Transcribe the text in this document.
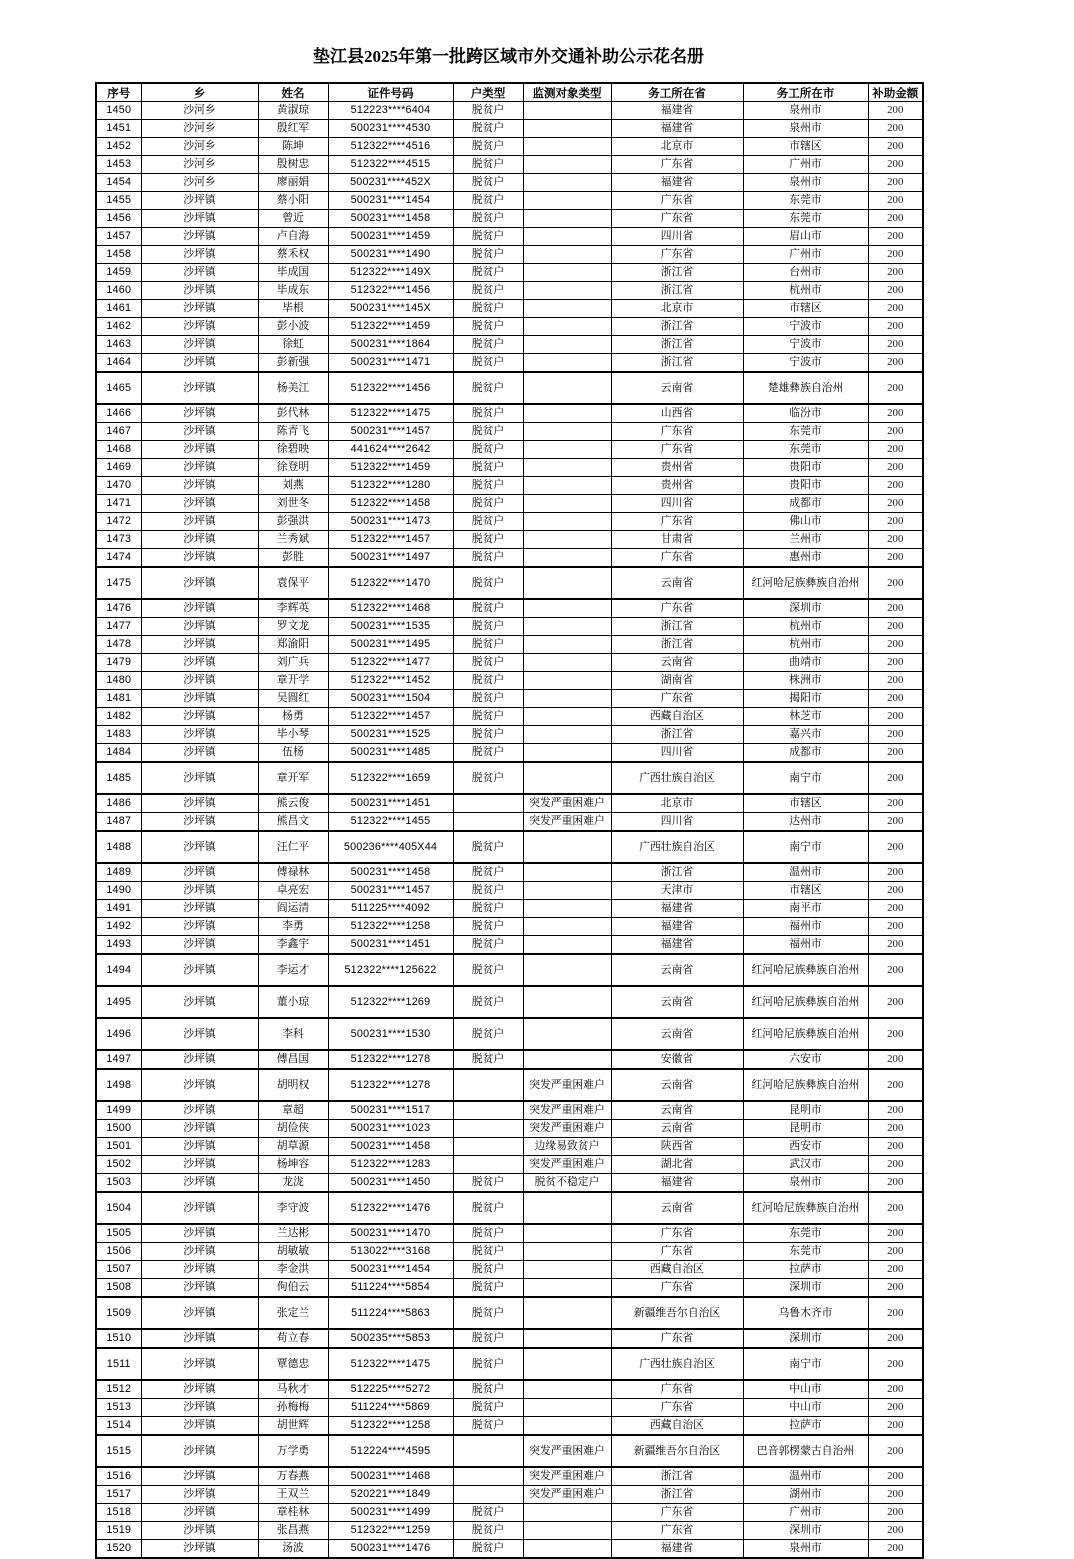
垫江县2025年第一批跨区域市外交通补助公示花名册
序号	乡	姓名	证件号码	户类型	监测对象类型	务工所在省	务工所在市	补助金额
1450	沙河乡	黄淑琼	512223****6404	脱贫户		福建省	泉州市	200
1451	沙河乡	殷红军	500231****4530	脱贫户		福建省	泉州市	200
1452	沙河乡	陈坤	512322****4516	脱贫户		北京市	市辖区	200
1453	沙河乡	殷树忠	512322****4515	脱贫户		广东省	广州市	200
1454	沙河乡	廖丽娟	500231****452X	脱贫户		福建省	泉州市	200
1455	沙坪镇	蔡小阳	500231****1454	脱贫户		广东省	东莞市	200
1456	沙坪镇	曾近	500231****1458	脱贫户		广东省	东莞市	200
1457	沙坪镇	卢自海	500231****1459	脱贫户		四川省	眉山市	200
1458	沙坪镇	蔡禾权	500231****1490	脱贫户		广东省	广州市	200
1459	沙坪镇	毕成国	512322****149X	脱贫户		浙江省	台州市	200
1460	沙坪镇	毕成东	512322****1456	脱贫户		浙江省	杭州市	200
1461	沙坪镇	毕根	500231****145X	脱贫户		北京市	市辖区	200
1462	沙坪镇	彭小波	512322****1459	脱贫户		浙江省	宁波市	200
1463	沙坪镇	徐虹	500231****1864	脱贫户		浙江省	宁波市	200
1464	沙坪镇	彭新强	500231****1471	脱贫户		浙江省	宁波市	200
1465	沙坪镇	杨美江	512322****1456	脱贫户		云南省	楚雄彝族自治州	200
1466	沙坪镇	彭代林	512322****1475	脱贫户		山西省	临汾市	200
1467	沙坪镇	陈青飞	500231****1457	脱贫户		广东省	东莞市	200
1468	沙坪镇	徐碧映	441624****2642	脱贫户		广东省	东莞市	200
1469	沙坪镇	徐登明	512322****1459	脱贫户		贵州省	贵阳市	200
1470	沙坪镇	刘燕	512322****1280	脱贫户		贵州省	贵阳市	200
1471	沙坪镇	刘世冬	512322****1458	脱贫户		四川省	成都市	200
1472	沙坪镇	彭强洪	500231****1473	脱贫户		广东省	佛山市	200
1473	沙坪镇	兰秀斌	512322****1457	脱贫户		甘肃省	兰州市	200
1474	沙坪镇	彭胜	500231****1497	脱贫户		广东省	惠州市	200
1475	沙坪镇	袁保平	512322****1470	脱贫户		云南省	红河哈尼族彝族自治州	200
1476	沙坪镇	李辉英	512322****1468	脱贫户		广东省	深圳市	200
1477	沙坪镇	罗文龙	500231****1535	脱贫户		浙江省	杭州市	200
1478	沙坪镇	郑渝阳	500231****1495	脱贫户		浙江省	杭州市	200
1479	沙坪镇	刘广兵	512322****1477	脱贫户		云南省	曲靖市	200
1480	沙坪镇	章开学	512322****1452	脱贫户		湖南省	株洲市	200
1481	沙坪镇	吴圆红	500231****1504	脱贫户		广东省	揭阳市	200
1482	沙坪镇	杨勇	512322****1457	脱贫户		西藏自治区	林芝市	200
1483	沙坪镇	毕小琴	500231****1525	脱贫户		浙江省	嘉兴市	200
1484	沙坪镇	伍杨	500231****1485	脱贫户		四川省	成都市	200
1485	沙坪镇	章开军	512322****1659	脱贫户		广西壮族自治区	南宁市	200
1486	沙坪镇	熊云俊	500231****1451		突发严重困难户	北京市	市辖区	200
1487	沙坪镇	熊昌文	512322****1455		突发严重困难户	四川省	达州市	200
1488	沙坪镇	汪仁平	500236****405X44	脱贫户		广西壮族自治区	南宁市	200
1489	沙坪镇	傅禄林	500231****1458	脱贫户		浙江省	温州市	200
1490	沙坪镇	卓亮宏	500231****1457	脱贫户		天津市	市辖区	200
1491	沙坪镇	阎运清	511225****4092	脱贫户		福建省	南平市	200
1492	沙坪镇	李勇	512322****1258	脱贫户		福建省	福州市	200
1493	沙坪镇	李鑫宇	500231****1451	脱贫户		福建省	福州市	200
1494	沙坪镇	李运才	512322****125622	脱贫户		云南省	红河哈尼族彝族自治州	200
1495	沙坪镇	董小琼	512322****1269	脱贫户		云南省	红河哈尼族彝族自治州	200
1496	沙坪镇	李科	500231****1530	脱贫户		云南省	红河哈尼族彝族自治州	200
1497	沙坪镇	傅昌国	512322****1278	脱贫户		安徽省	六安市	200
1498	沙坪镇	胡明权	512322****1278		突发严重困难户	云南省	红河哈尼族彝族自治州	200
1499	沙坪镇	章超	500231****1517		突发严重困难户	云南省	昆明市	200
1500	沙坪镇	胡俭侠	500231****1023		突发严重困难户	云南省	昆明市	200
1501	沙坪镇	胡草源	500231****1458		边缘易致贫户	陕西省	西安市	200
1502	沙坪镇	杨坤容	512322****1283		突发严重困难户	湖北省	武汉市	200
1503	沙坪镇	龙泷	500231****1450	脱贫户	脱贫不稳定户	福建省	泉州市	200
1504	沙坪镇	李守波	512322****1476	脱贫户		云南省	红河哈尼族彝族自治州	200
1505	沙坪镇	兰达彬	500231****1470	脱贫户		广东省	东莞市	200
1506	沙坪镇	胡敏敏	513022****3168	脱贫户		广东省	东莞市	200
1507	沙坪镇	李金洪	500231****1454	脱贫户		西藏自治区	拉萨市	200
1508	沙坪镇	佝伯云	511224****5854	脱贫户		广东省	深圳市	200
1509	沙坪镇	张定兰	511224****5863	脱贫户		新疆维吾尔自治区	乌鲁木齐市	200
1510	沙坪镇	苟立春	500235****5853	脱贫户		广东省	深圳市	200
1511	沙坪镇	覃德忠	512322****1475	脱贫户		广西壮族自治区	南宁市	200
1512	沙坪镇	马秋才	512225****5272	脱贫户		广东省	中山市	200
1513	沙坪镇	孙梅梅	511224****5869	脱贫户		广东省	中山市	200
1514	沙坪镇	胡世辉	512322****1258	脱贫户		西藏自治区	拉萨市	200
1515	沙坪镇	万学勇	512224****4595		突发严重困难户	新疆维吾尔自治区	巴音郭楞蒙古自治州	200
1516	沙坪镇	万春燕	500231****1468		突发严重困难户	浙江省	温州市	200
1517	沙坪镇	王双兰	520221****1849		突发严重困难户	浙江省	湖州市	200
1518	沙坪镇	章桂林	500231****1499	脱贫户		广东省	广州市	200
1519	沙坪镇	张昌燕	512322****1259	脱贫户		广东省	深圳市	200
1520	沙坪镇	汤波	500231****1476	脱贫户		福建省	泉州市	200
